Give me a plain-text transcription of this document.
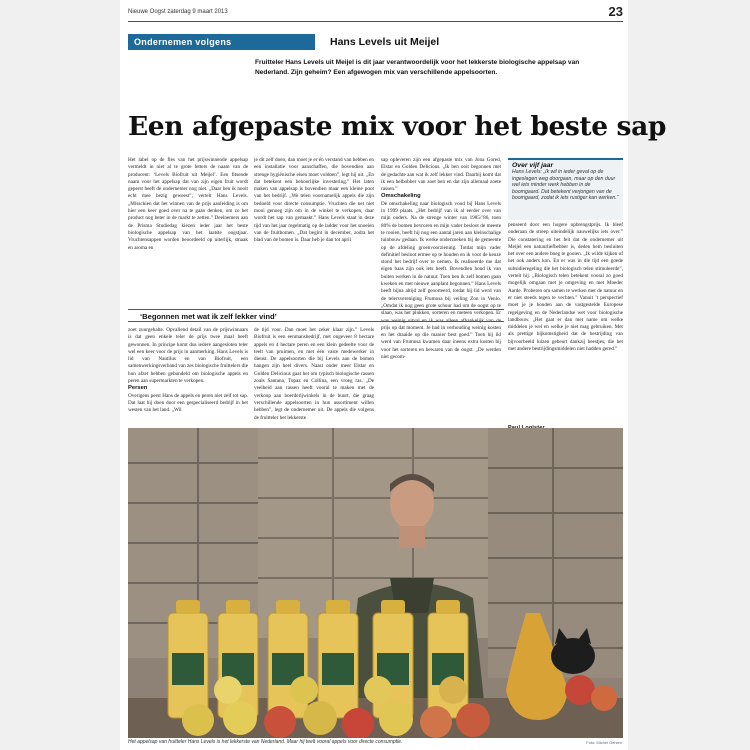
Nieuwe Oogst zaterdag 9 maart 2013	23
Ondernemen volgens	Hans Levels uit Meijel
Fruitteler Hans Levels uit Meijel is dit jaar verantwoordelijk voor het lekkerste biologische appelsap van Nederland. Zijn geheim? Een afgewogen mix van verschillende appelsoorten.
Een afgepaste mix voor het beste sap

Het label op de fles van het prijswinnende appelsap vermeldt in niet al te grote letters de naam van de producent: ‘Levels Biofruit uit Meijel’. Een fitsende naam voor het appelsap dat van zijn eigen fruit wordt geperst heeft de ondernemer nog niet. „Daar ben ik nooit echt mee bezig geweest”, vertelt Hans Levels. „Misschien dat het winnen van de prijs aanleiding is om hier een keer goed over na te gaan denken, om zo het product nog beter in de markt te zetten.” Deelnemers aan de Prisma Studiedag kiezen ieder jaar het beste biologische appelsap van het laatste oogstjaar. Vruchtensappen worden beoordeeld op uiterlijk, smaak en aroma en

je dit zelf doen, dan moet je er én verstand van hebben en een installatie voor aanschaffen, die bovendien aan strenge hygiënische eisen moet voldoen”, legt hij uit. „En dat betekent een behoorlijke investering.” Het laten maken van appelsap is bovendien maar een kleine poot van het bedrijf. „We telen voornamelijk appels die zijn bedoeld voor directe consumptie. Vruchten die net niet mooi genoeg zijn om in de winkel te verkopen, daar wordt het sap van gemaakt.” Hans Levels staat in deze tijd van het jaar regelmatig op de ladder voor het snoeien van de fruitbomen. „Dat begint in december, zodra het blad van de bomen is. Daar heb je dan tot april

sap opleveren zijn een afgepaste mix van Jona Gored, Elstar en Golden Delicious. „Ik ben ooit begonnen met de gedachte aan wat ik zelf lekker vind. Daarbij komt dat ik een helbobber van zoet ben en dat zijn allemaal zoete rassen.”

Omschakeling

De omschakeling naar biologisch voud bij Hans Levels in 1999 plaats. „Het bedrijf van ik al eerder over van mijn ouders. Na de strenge winter van 1985/’86, toen 80% de bomen bevroren en mijn vader besloot de meeste te rooien, heeft hij nog een aantal jaren aan kleinschalige tuinbouw gedaan. Ik werke onderzoeken bij de gemeente op de afdeling groenvoorziening. Totdat mijn vader definitief besloot ermee op te houden en ik voor de keuze stond het bedrijf over te nemen. Ik realiseerde me dat eigen baas zijn ook iets heeft. Bovendien houd ik van buiten werken in de natuur. Toen ben ik zelf bomen gaan kweken en met nieuwe aanplant begonnen.” Hans Levels heeft bijna altijd zelf geoorteerd, totdat hij lid werd van de telersvereniging Frumosa bij veiling Zon in Venlo. „Omdat ik nog geen grote schuur had om de oogst op te slaan, was het plukken, sorteren en meteen verkopen. Er was weinig uitval en ik was alleen afhankelijk van de prijs op dat moment. Je had in verhouding weinig kosten en het draaide op die manier best goed.” Toen hij lid werd van Frumosa kwamen daar ineens extra kosten bij voor het sorteren en bewaren van de oogst. „De werden niet gecom-

Over vijf jaar
Hans Levels: „Ik wil in ieder geval op de ingeslagen weg doorgaan, maar op den duur wel iets minder werk hebben in de boomgaard. Dat betekent verjongen van de boomgaard, zodat ik iets rustiger kan werken.”

penseerd door een hogere opbrengstprijs. Ik bleef onderaan de streep uiteindelijk nauwelijks iets over.” Die constatering en het feit dat de ondernemer uit Meijel een natuurliefhebber is, deden hem besluiten het over een andere boeg te gooien. „Ik wilde kijken of het ook anders kon. En er was in die tijd een goede subsidieregeling die het biologisch telen stimuleerde”, vertelt hij. „Biologisch telen betekent vooral zo goed mogelijk omgaan met je omgeving en met Moeder Aarde. Proberen om samen te werken met de natuur en er niet steeds tegen te vechten.” Vanuit ’t perspectief moet je je houden aan de vastgestelde Europese regelgeving en de Nederlandse wet voor biologische landbouw. „Het gaat er dan met name om welke middelen je wel en welke je niet mag gebruiken. Met als prettige bijkomstigheid dat de bestrijding van bijvoorbeeld luizen gebeurt dankzij beestjes, die het met andere bestrijdingsmiddelen niet hadden gered.”

‘Begonnen met wat ik zelf lekker vind’

zoet zuurgehalte. Opvallend detail van de prijswinnaars is dat geen enkele teler de prijs twee maal heeft gewonnen. In principe komt dus iedere aangesloten teler wel een keer voor de prijs in aanmerking. Hans Levels is lid van Nautilus en van Biofruit, een samenwerkingsverband van zes biologische fruittelers die hun afzet hebben gebundeld om biologische appels en peren aan supermarkten te verkopen.

Persen

Overigens perst Hans de appels en peren niet zelf tot sap. Dat laat hij doen door een gespecialiseerd bedrijf in het westen van het land. „Wil

de tijd voor. Dan moet het zeker klaar zijn.” Levels Biofruit is een eenmansbedrijf, met ongeveer 8 hectare appels en 4 hectare peren en een klein gedeelte voor de teelt van pruimen, en met één vaste medewerker in dienst. De appelsoorten die bij Levels aan de bomen hangen zijn heel divers. Naast onder meer Elstar en Golden Delicious gaat het om typisch biologische rassen zoals Santana, Topaz en Collina, een vroeg ras. „De veelheid aan rassen heeft vooral te maken met de verkoop aan boerderijwinkels in de buurt, die graag verschillende appelsoorten in hun assortiment willen hebben”, legt de ondernemer uit. De appels die volgens de fruitteler het lekkerste

Het appelsap van fruitteler Hans Levels is het lekkerste van Nederland. Maar hij teelt vooral appels voor directe consumptie.	Foto: Michel Oehlen
